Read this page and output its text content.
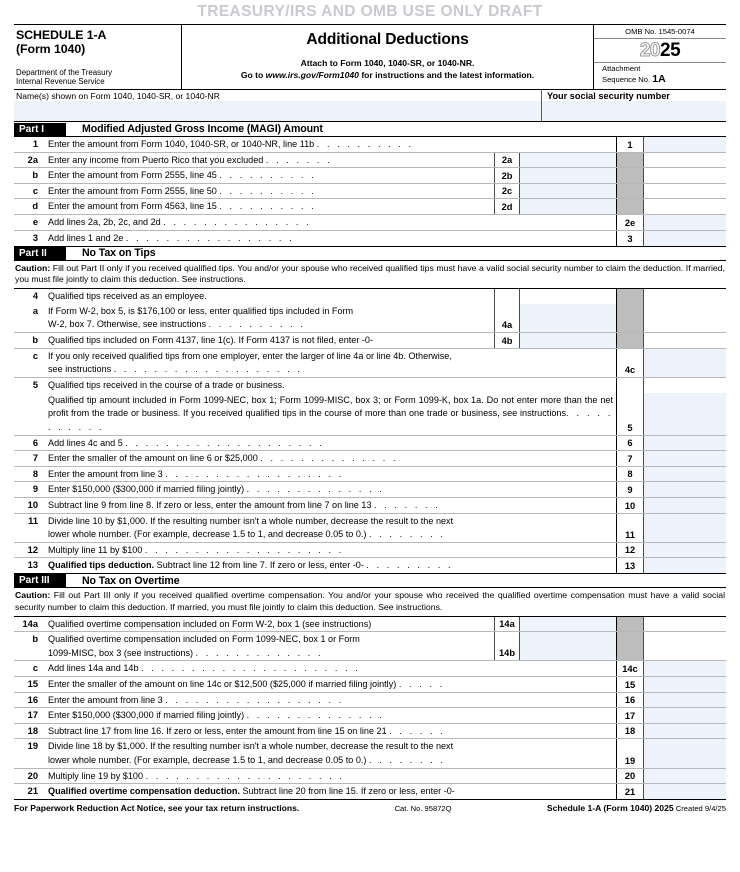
TREASURY/IRS AND OMB USE ONLY DRAFT
SCHEDULE 1-A
(Form 1040)
Department of the Treasury
Internal Revenue Service
Additional Deductions
Attach to Form 1040, 1040-SR, or 1040-NR.
Go to www.irs.gov/Form1040 for instructions and the latest information.
OMB No. 1545-0074
2025
Attachment
Sequence No. 1A
Name(s) shown on Form 1040, 1040-SR, or 1040-NR	Your social security number
Part I	Modified Adjusted Gross Income (MAGI) Amount
1	Enter the amount from Form 1040, 1040-SR, or 1040-NR, line 11b . . . . . . . . . .	1
2a	Enter any income from Puerto Rico that you excluded . . . . . . .	2a
b	Enter the amount from Form 2555, line 45 . . . . . . . . . .	2b
c	Enter the amount from Form 2555, line 50 . . . . . . . . . .	2c
d	Enter the amount from Form 4563, line 15 . . . . . . . . . .	2d
e	Add lines 2a, 2b, 2c, and 2d . . . . . . . . . . . . . . .	2e
3	Add lines 1 and 2e . . . . . . . . . . . . . . . . .	3
Part II	No Tax on Tips
Caution: Fill out Part II only if you received qualified tips. You and/or your spouse who received qualified tips must have a valid social security number to claim the deduction. If married, you must file jointly to claim this deduction. See instructions.
4	Qualified tips received as an employee.
a	If Form W-2, box 5, is $176,100 or less, enter qualified tips included in Form
W-2, box 7. Otherwise, see instructions . . . . . . . . . .	4a
b	Qualified tips included on Form 4137, line 1(c). If Form 4137 is not filed, enter -0-	4b
c	If you only received qualified tips from one employer, enter the larger of line 4a or line 4b. Otherwise,
see instructions . . . . . . . . . . . . . . . . . . .	4c
5	Qualified tips received in the course of a trade or business.
Qualified tip amount included in Form 1099-NEC, box 1; Form 1099-MISC, box 3; or Form 1099-K, box 1a. Do not enter more than the net profit from the trade or business. If you received qualified tips in the course of more than one trade or business, see instructions. . . . . . . . . . .	5
6	Add lines 4c and 5 . . . . . . . . . . . . . . . . . . . .	6
7	Enter the smaller of the amount on line 6 or $25,000 . . . . . . . . . . . . . .	7
8	Enter the amount from line 3 . . . . . . . . . . . . . . . . . .	8
9	Enter $150,000 ($300,000 if married filing jointly) . . . . . . . . . . . . . .	9
10	Subtract line 9 from line 8. If zero or less, enter the amount from line 7 on line 13 . . . . . . .	10
11	Divide line 10 by $1,000. If the resulting number isn't a whole number, decrease the result to the next
lower whole number. (For example, decrease 1.5 to 1, and decrease 0.05 to 0.) . . . . . . . .	11
12	Multiply line 11 by $100 . . . . . . . . . . . . . . . . . . . .	12
13	Qualified tips deduction. Subtract line 12 from line 7. If zero or less, enter -0- . . . . . . . . .	13
Part III	No Tax on Overtime
Caution: Fill out Part III only if you received qualified overtime compensation. You and/or your spouse who received the qualified overtime compensation must have a valid social security number to claim this deduction. If married, you must file jointly to claim this deduction. See instructions.
14a	Qualified overtime compensation included on Form W-2, box 1 (see instructions)	14a
b	Qualified overtime compensation included on Form 1099-NEC, box 1 or Form
1099-MISC, box 3 (see instructions) . . . . . . . . . . . . .	14b
c	Add lines 14a and 14b . . . . . . . . . . . . . . . . . . . . . .	14c
15	Enter the smaller of the amount on line 14c or $12,500 ($25,000 if married filing jointly) . . . . .	15
16	Enter the amount from line 3 . . . . . . . . . . . . . . . . . .	16
17	Enter $150,000 ($300,000 if married filing jointly) . . . . . . . . . . . . . .	17
18	Subtract line 17 from line 16. If zero or less, enter the amount from line 15 on line 21 . . . . . .	18
19	Divide line 18 by $1,000. If the resulting number isn't a whole number, decrease the result to the next
lower whole number. (For example, decrease 1.5 to 1, and decrease 0.05 to 0.) . . . . . . . .	19
20	Multiply line 19 by $100 . . . . . . . . . . . . . . . . . . . .	20
21	Qualified overtime compensation deduction. Subtract line 20 from line 15. If zero or less, enter -0-	21
For Paperwork Reduction Act Notice, see your tax return instructions.	Cat. No. 95872Q	Schedule 1-A (Form 1040) 2025 Created 9/4/25
